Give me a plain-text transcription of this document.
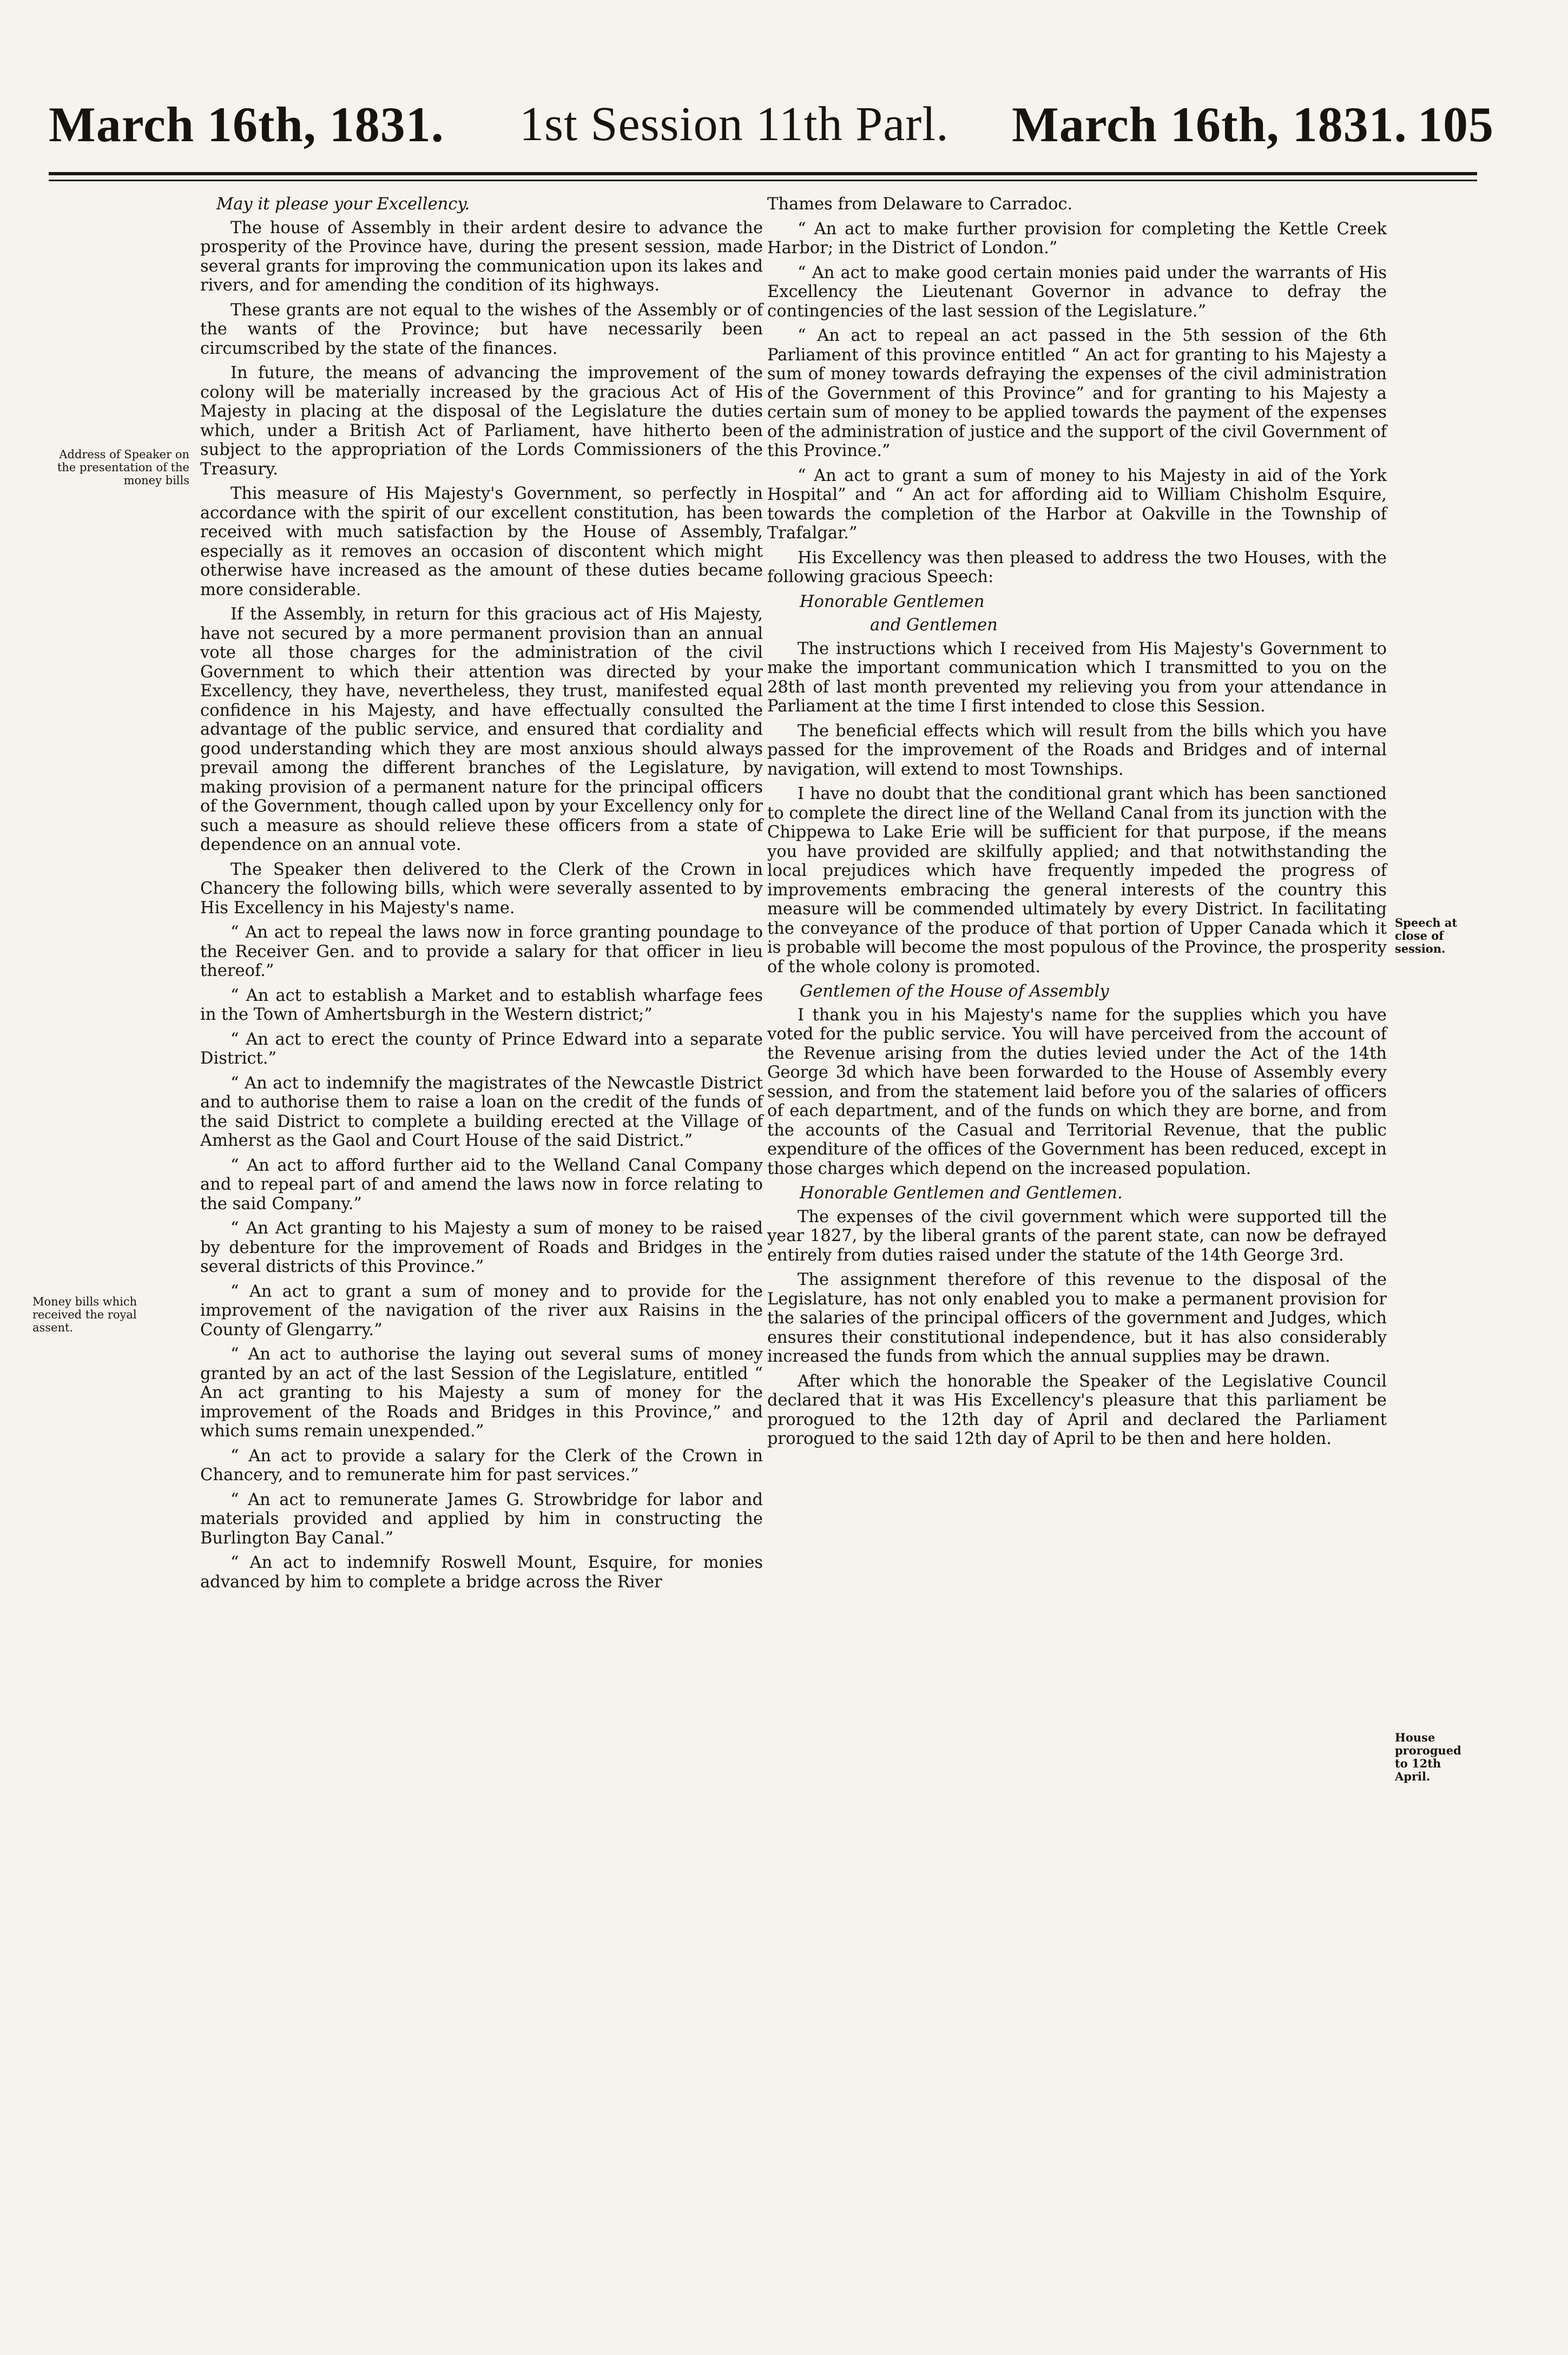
March 16th, 1831. 1st Session 11th Parl. March 16th, 1831. 105
Address of Speaker on the presentation of the money bills
Money bills which received the royal assent.
Speech at close of session.
House prorogued to 12th April.

May it please your Excellency.

The house of Assembly in their ardent desire to advance the prosperity of the Province have, during the present session, made several grants for improving the communication upon its lakes and rivers, and for amending the condition of its highways.

These grants are not equal to the wishes of the Assembly or of the wants of the Province; but have necessarily been circumscribed by the state of the finances.

In future, the means of advancing the improvement of the colony will be materially increased by the gracious Act of His Majesty in placing at the disposal of the Legislature the duties which, under a British Act of Parliament, have hitherto been subject to the appropriation of the Lords Commissioners of the Treasury.

This measure of His Majesty's Government, so perfectly in accordance with the spirit of our excellent constitution, has been received with much satisfaction by the House of Assembly, especially as it removes an occasion of discontent which might otherwise have increased as the amount of these duties became more considerable.

If the Assembly, in return for this gracious act of His Majesty, have not secured by a more permanent provision than an annual vote all those charges for the administration of the civil Government to which their attention was directed by your Excellency, they have, nevertheless, they trust, manifested equal confidence in his Majesty, and have effectually consulted the advantage of the public service, and ensured that cordiality and good understanding which they are most anxious should always prevail among the different branches of the Legislature, by making provision of a permanent nature for the principal officers of the Government, though called upon by your Excellency only for such a measure as should relieve these officers from a state of dependence on an annual vote.

The Speaker then delivered to the Clerk of the Crown in Chancery the following bills, which were severally assented to by His Excellency in his Majesty's name.

“ An act to repeal the laws now in force granting poundage to the Receiver Gen. and to provide a salary for that officer in lieu thereof.”

“ An act to establish a Market and to establish wharfage fees in the Town of Amhertsburgh in the Western district;”

“ An act to erect the county of Prince Edward into a separate District.”

“ An act to indemnify the magistrates of the Newcastle District and to authorise them to raise a loan on the credit of the funds of the said District to complete a building erected at the Village of Amherst as the Gaol and Court House of the said District.”

“ An act to afford further aid to the Welland Canal Company and to repeal part of and amend the laws now in force relating to the said Company.”

“ An Act granting to his Majesty a sum of money to be raised by debenture for the improvement of Roads and Bridges in the several districts of this Province.”

“ An act to grant a sum of money and to provide for the improvement of the navigation of the river aux Raisins in the County of Glengarry.”

“ An act to authorise the laying out several sums of money granted by an act of the last Session of the Legislature, entitled “ An act granting to his Majesty a sum of money for the improvement of the Roads and Bridges in this Province,” and which sums remain unexpended.”

“ An act to provide a salary for the Clerk of the Crown in Chancery, and to remunerate him for past services.”

“ An act to remunerate James G. Strowbridge for labor and materials provided and applied by him in constructing the Burlington Bay Canal.”

“ An act to indemnify Roswell Mount, Esquire, for monies advanced by him to complete a bridge across the River

Thames from Delaware to Carradoc.

“ An act to make further provision for completing the Kettle Creek Harbor; in the District of London.”

“ An act to make good certain monies paid under the warrants of His Excellency the Lieutenant Governor in advance to defray the contingencies of the last session of the Legislature.”

“ An act to repeal an act passed in the 5th session of the 6th Parliament of this province entitled “ An act for granting to his Majesty a sum of money towards defraying the expenses of the civil administration of the Government of this Province” and for granting to his Majesty a certain sum of money to be applied towards the payment of the expenses of the administration of justice and the support of the civil Government of this Province.”

“ An act to grant a sum of money to his Majesty in aid of the York Hospital” and “ An act for affording aid to William Chisholm Esquire, towards the completion of the Harbor at Oakville in the Township of Trafalgar.”

His Excellency was then pleased to address the two Houses, with the following gracious Speech:

Honorable Gentlemen

and Gentlemen

The instructions which I received from His Majesty's Government to make the important communication which I transmitted to you on the 28th of last month prevented my relieving you from your attendance in Parliament at the time I first intended to close this Session.

The beneficial effects which will result from the bills which you have passed for the improvement of the Roads and Bridges and of internal navigation, will extend to most Townships.

I have no doubt that the conditional grant which has been sanctioned to complete the direct line of the Welland Canal from its junction with the Chippewa to Lake Erie will be sufficient for that purpose, if the means you have provided are skilfully applied; and that notwithstanding the local prejudices which have frequently impeded the progress of improvements embracing the general interests of the country this measure will be commended ultimately by every District. In facilitating the conveyance of the produce of that portion of Upper Canada which it is probable will become the most populous of the Province, the prosperity of the whole colony is promoted.

Gentlemen of the House of Assembly

I thank you in his Majesty's name for the supplies which you have voted for the public service. You will have perceived from the account of the Revenue arising from the duties levied under the Act of the 14th George 3d which have been forwarded to the House of Assembly every session, and from the statement laid before you of the salaries of officers of each department, and of the funds on which they are borne, and from the accounts of the Casual and Territorial Revenue, that the public expenditure of the offices of the Government has been reduced, except in those charges which depend on the increased population.

Honorable Gentlemen and Gentlemen.

The expenses of the civil government which were supported till the year 1827, by the liberal grants of the parent state, can now be defrayed entirely from duties raised under the statute of the 14th George 3rd.

The assignment therefore of this revenue to the disposal of the Legislature, has not only enabled you to make a permanent provision for the salaries of the principal officers of the government and Judges, which ensures their constitutional independence, but it has also considerably increased the funds from which the annual supplies may be drawn.

After which the honorable the Speaker of the Legislative Council declared that it was His Excellency's pleasure that this parliament be prorogued to the 12th day of April and declared the Parliament prorogued to the said 12th day of April to be then and here holden.
